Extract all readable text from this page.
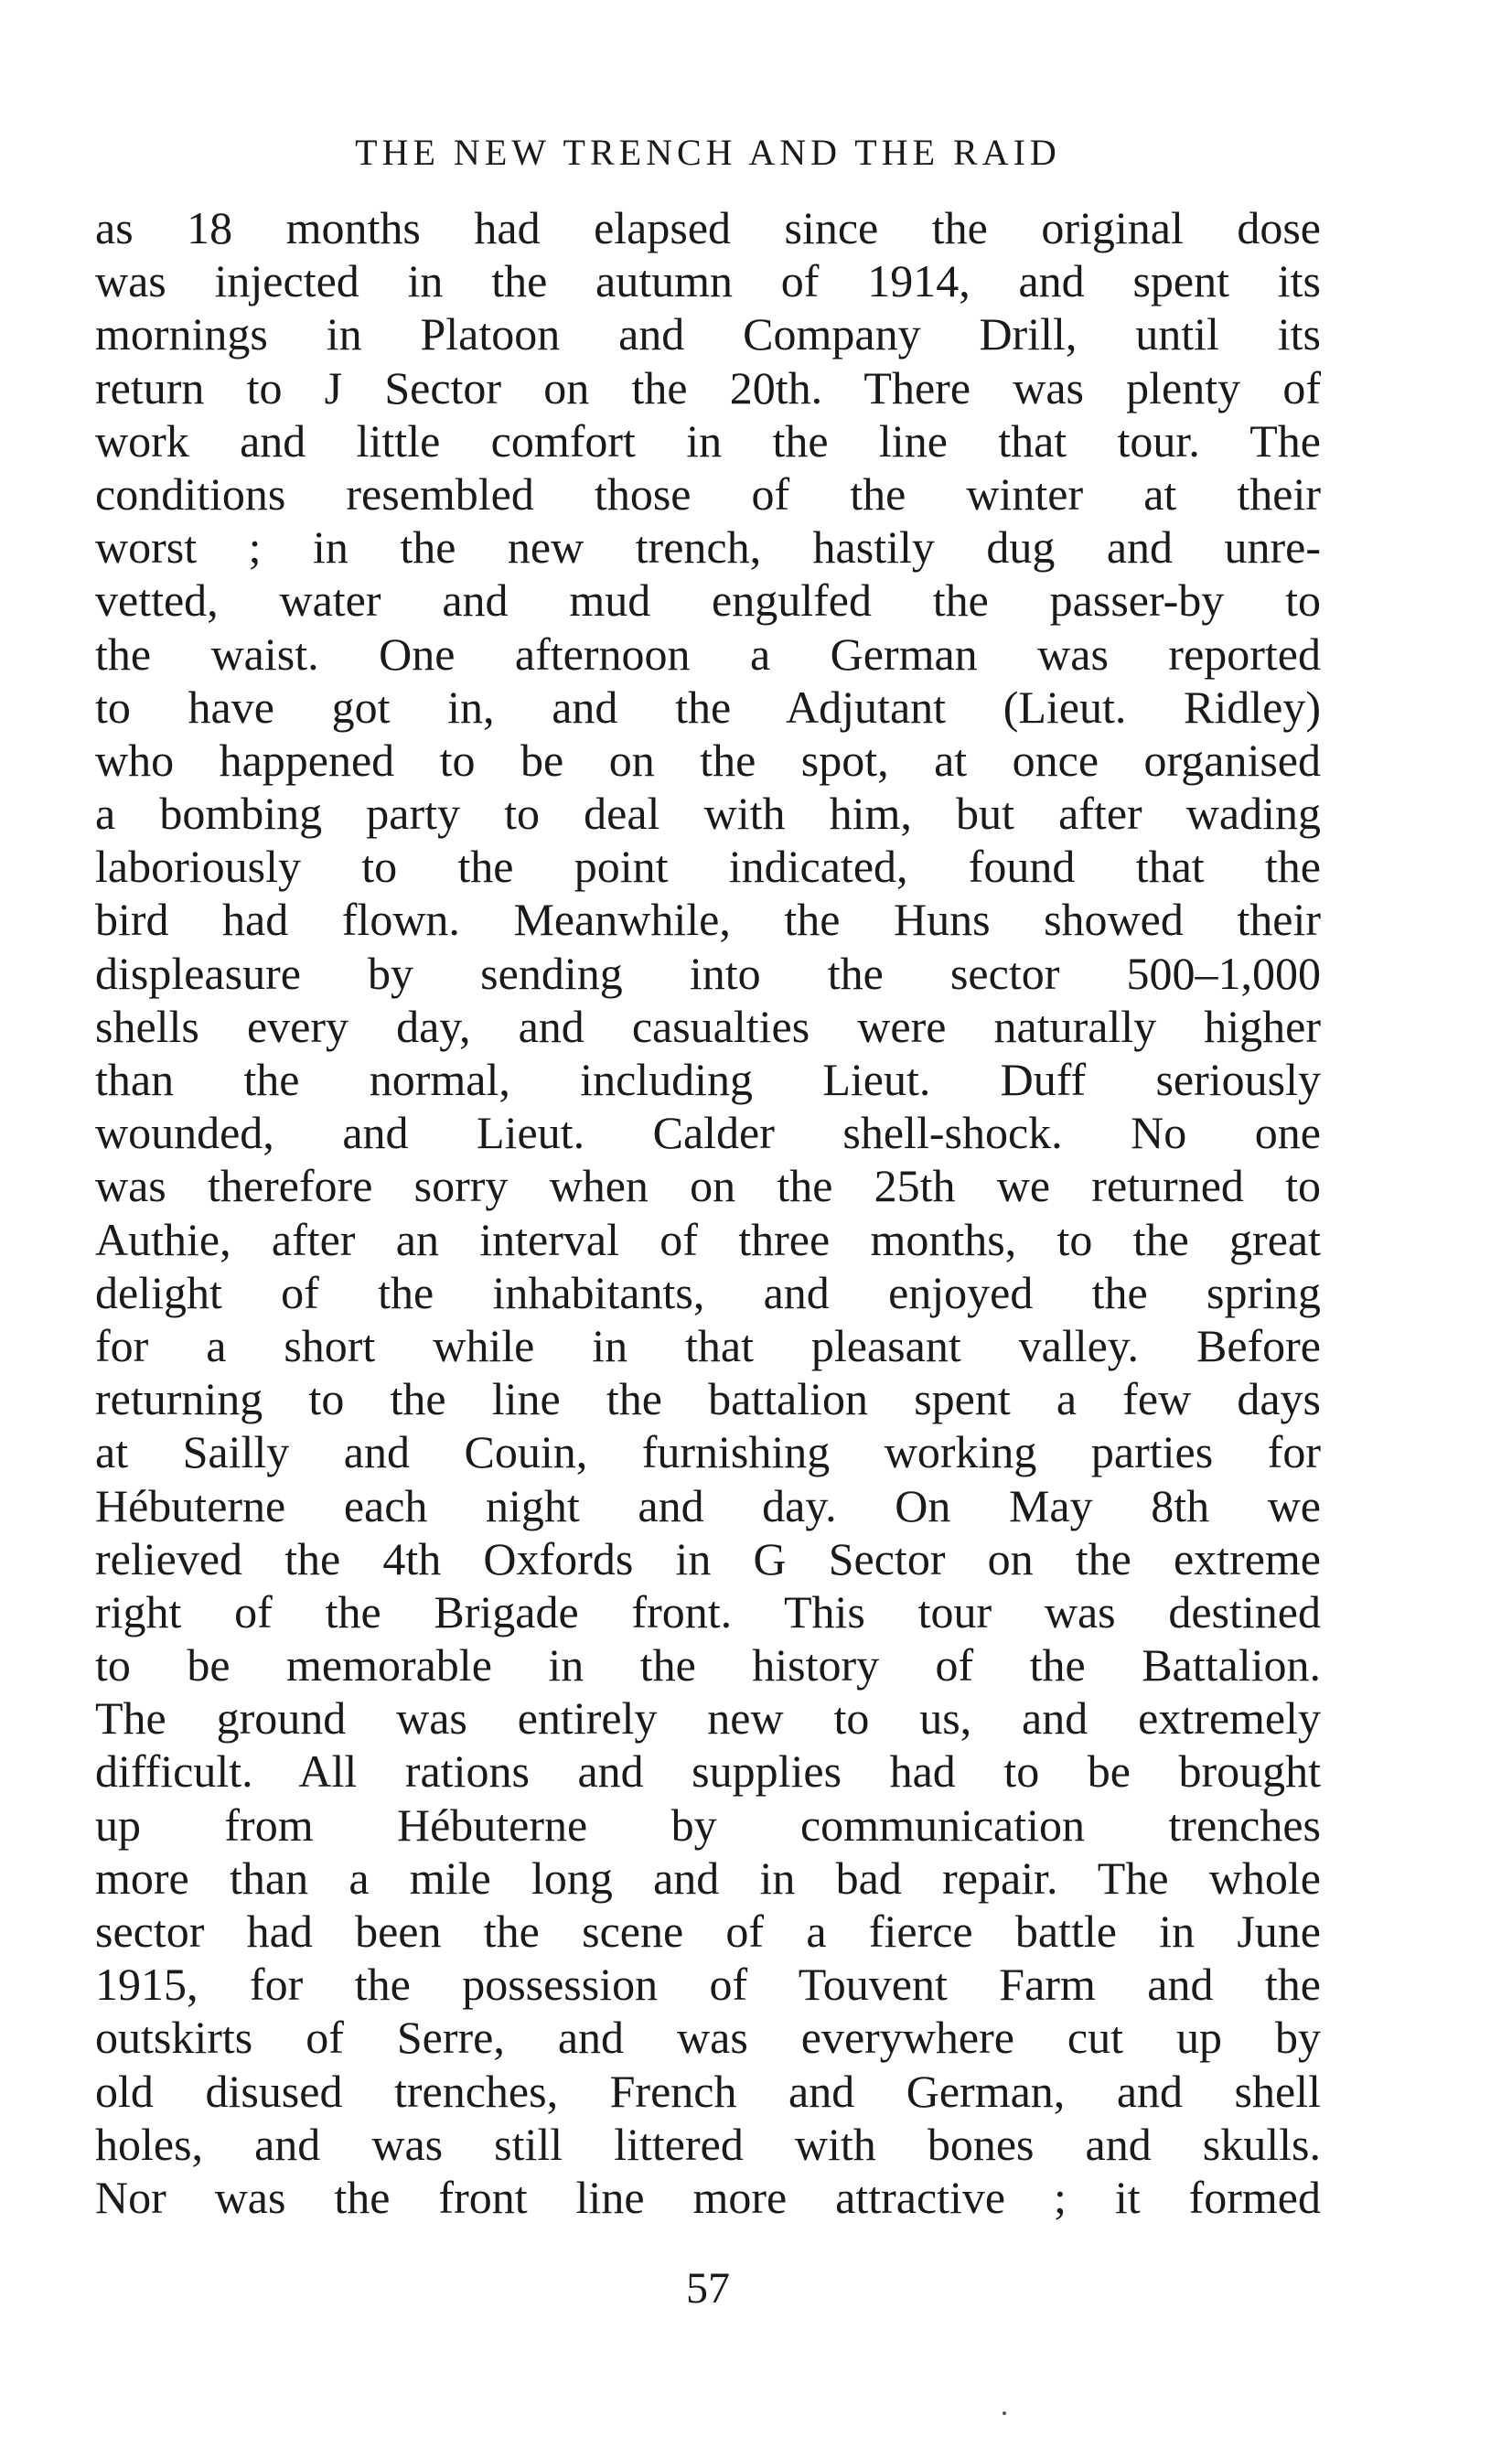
THE NEW TRENCH AND THE RAID
as 18 months had elapsed since the original dose
was injected in the autumn of 1914, and spent its
mornings in Platoon and Company Drill, until its
return to J Sector on the 20th. There was plenty of
work and little comfort in the line that tour. The
conditions resembled those of the winter at their
worst ; in the new trench, hastily dug and unre-
vetted, water and mud engulfed the passer-by to
the waist. One afternoon a German was reported
to have got in, and the Adjutant (Lieut. Ridley)
who happened to be on the spot, at once organised
a bombing party to deal with him, but after wading
laboriously to the point indicated, found that the
bird had flown. Meanwhile, the Huns showed their
displeasure by sending into the sector 500–1,000
shells every day, and casualties were naturally higher
than the normal, including Lieut. Duff seriously
wounded, and Lieut. Calder shell-shock. No one
was therefore sorry when on the 25th we returned to
Authie, after an interval of three months, to the great
delight of the inhabitants, and enjoyed the spring
for a short while in that pleasant valley. Before
returning to the line the battalion spent a few days
at Sailly and Couin, furnishing working parties for
Hébuterne each night and day. On May 8th we
relieved the 4th Oxfords in G Sector on the extreme
right of the Brigade front. This tour was destined
to be memorable in the history of the Battalion.
The ground was entirely new to us, and extremely
difficult. All rations and supplies had to be brought
up from Hébuterne by communication trenches
more than a mile long and in bad repair. The whole
sector had been the scene of a fierce battle in June
1915, for the possession of Touvent Farm and the
outskirts of Serre, and was everywhere cut up by
old disused trenches, French and German, and shell
holes, and was still littered with bones and skulls.
Nor was the front line more attractive ; it formed
57
